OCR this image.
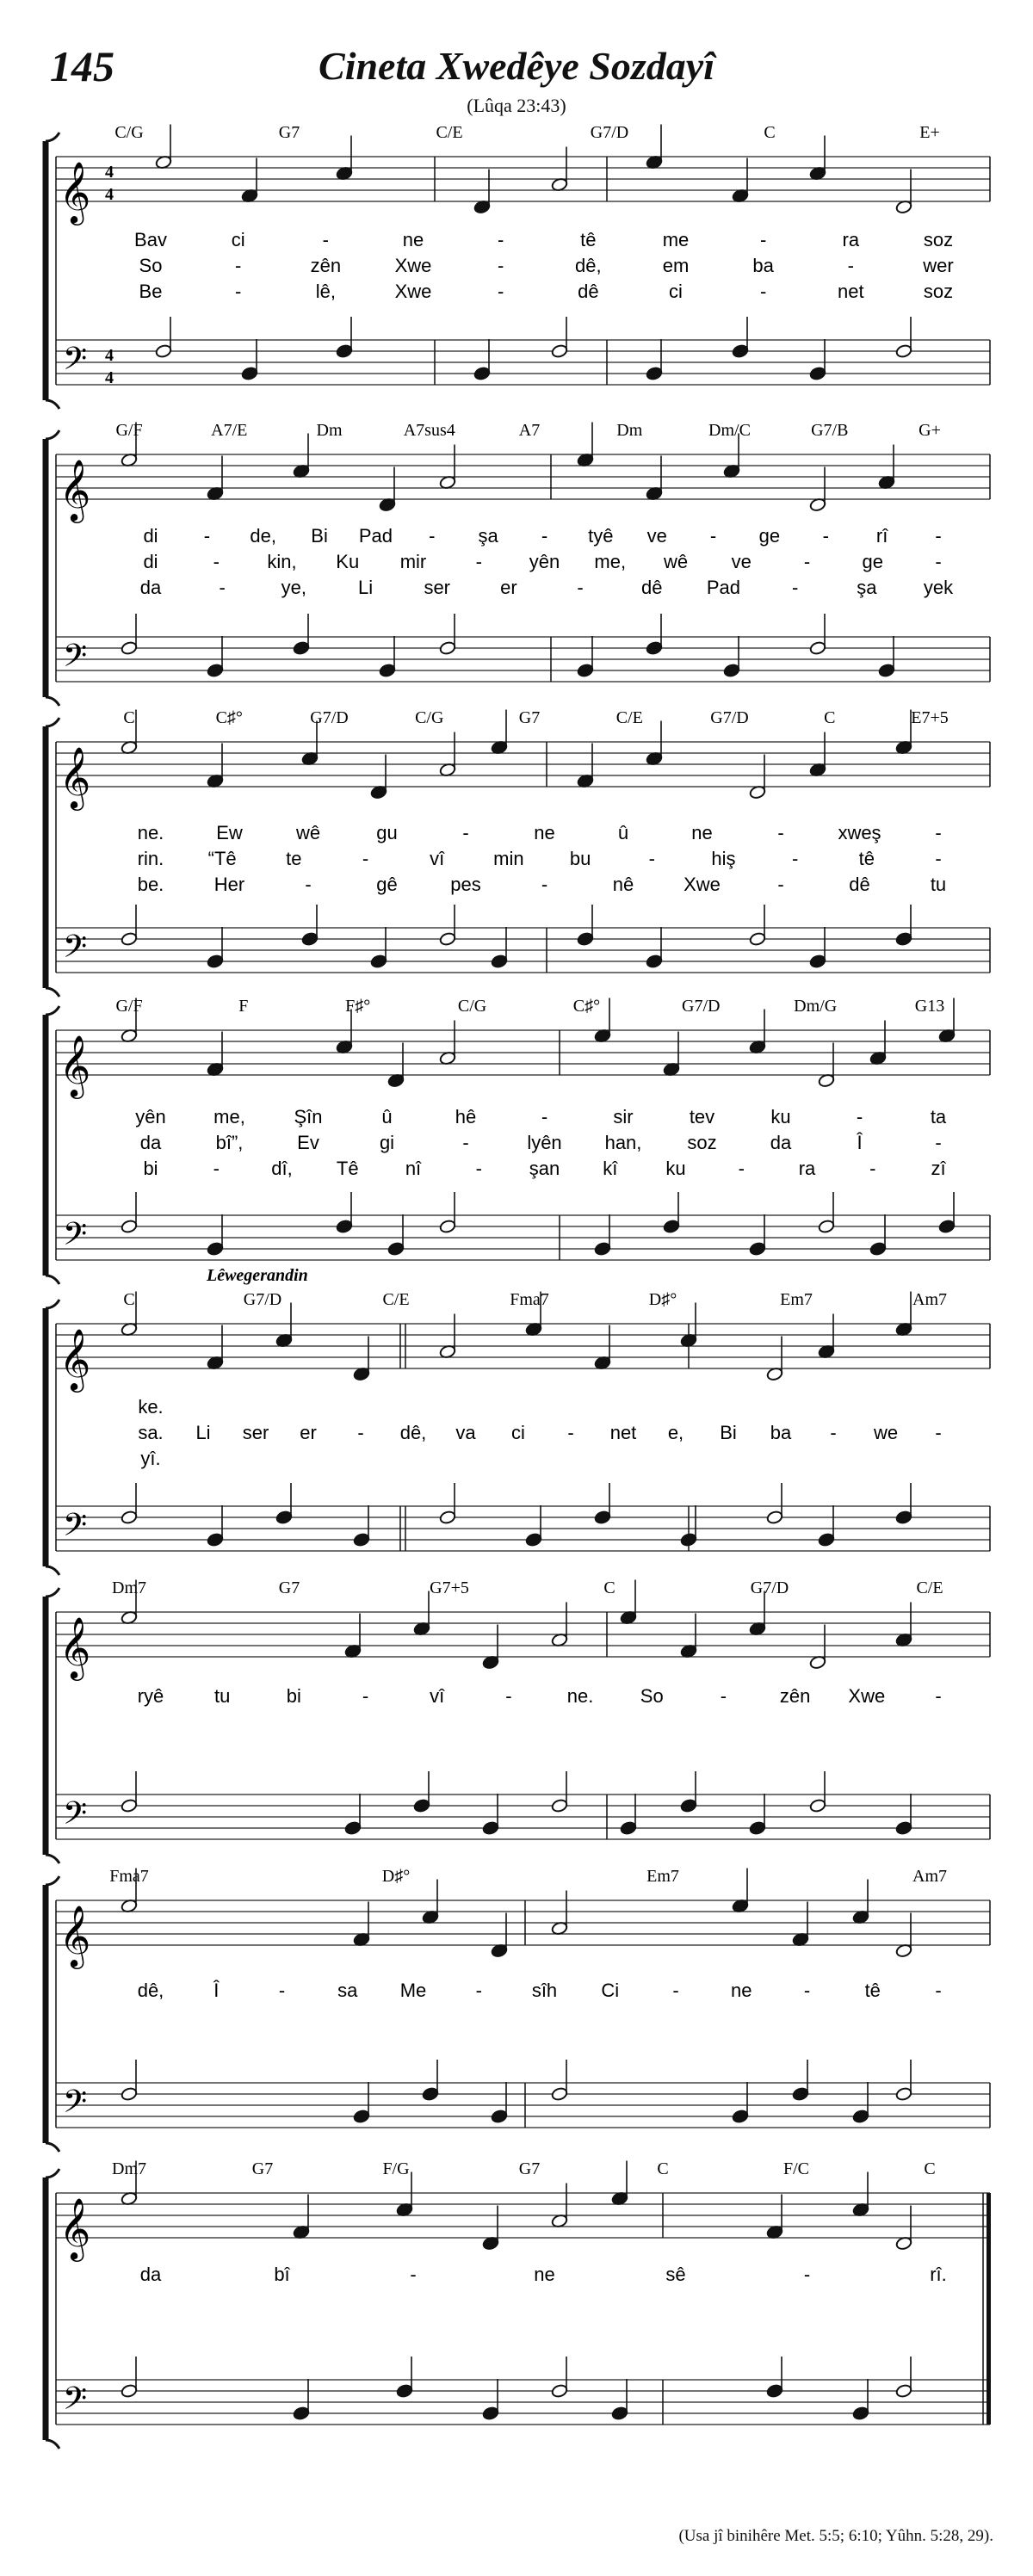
145	Cineta Xwedêye Sozdayî
(Lûqa 23:43)
𝄞
𝄢
4
4
4
4
C/G	G7	C/E	G7/D	C	E+
Bav	ci	-	ne	-	tê	me	-	ra	soz
So	-	zên	Xwe	-	dê,	em	ba	-	wer
Be	-	lê,	Xwe	-	dê	ci	-	net	soz
𝄞
𝄢
G/F	A7/E	Dm	A7sus4	A7	Dm	Dm/C	G7/B	G+
di - de, Bi Pad - şa - tyê ve - ge - rî -
di	-	kin, Ku mir	- yên me, wê ve	-	ge	-
da	-	ye,	Li	ser	er	-	dê Pad	-	şa yek
𝄞
𝄢
C	C♯°	G7/D	C/G	G7	C/E	G7/D	C	E7+5
ne.	Ew	wê	gu	-	ne	û	ne	-	xweş	-
rin. “Tê	te	-	vî	min bu	-	hiş	-	tê	-
be.	Her	-	gê	pes	-	nê	Xwe	-	dê	tu
𝄞
𝄢
G/F	F	F♯°	C/G	C♯°	G7/D	Dm/G	G13
yên	me,	Şîn	û	hê	-	sir	tev	ku	-	ta
da	bî”,	Ev	gi	-	lyên han, soz	da	Î	-
bi	-	dî, Tê nî	- şan kî	ku	-	ra	-	zî
𝄞
𝄢
Lêwegerandin
C	G7/D	C/E	Fma7	D♯°	Em7	Am7
ke.
sa. Li ser er - dê, va ci - net e, Bi ba - we -
yî.
𝄞
𝄢
Dm7	G7	G7+5	C	G7/D	C/E
ryê	tu	bi	-	vî	-	ne. So	-	zên Xwe	-
𝄞
𝄢
Fma7	D♯°	Em7	Am7
dê,	Î	-	sa Me	-	sîh Ci	-	ne	-	tê	-
𝄞
𝄢
Dm7	G7	F/G	G7	C	F/C	C
da	bî	-	ne	sê	-	rî.
(Usa jî binihêre Met. 5:5; 6:10; Yûhn. 5:28, 29).
